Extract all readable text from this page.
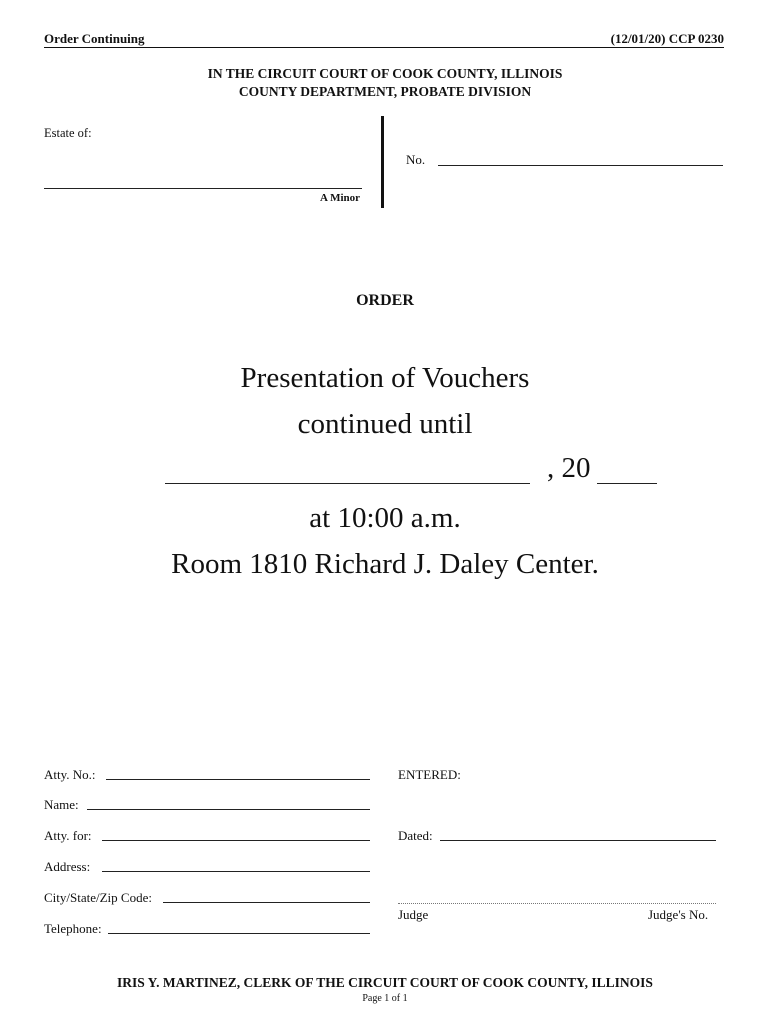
Order Continuing	(12/01/20) CCP 0230
IN THE CIRCUIT COURT OF COOK COUNTY, ILLINOIS
COUNTY DEPARTMENT, PROBATE DIVISION
Estate of:
A Minor
No.
ORDER
Presentation of Vouchers
continued until
, 20
at 10:00 a.m.
Room 1810 Richard J. Daley Center.
Atty. No.:
Name:
Atty. for:
Address:
City/State/Zip Code:
Telephone:
ENTERED:
Dated:
Judge	Judge's No.
IRIS Y. MARTINEZ, CLERK OF THE CIRCUIT COURT OF COOK COUNTY, ILLINOIS
Page 1 of 1
